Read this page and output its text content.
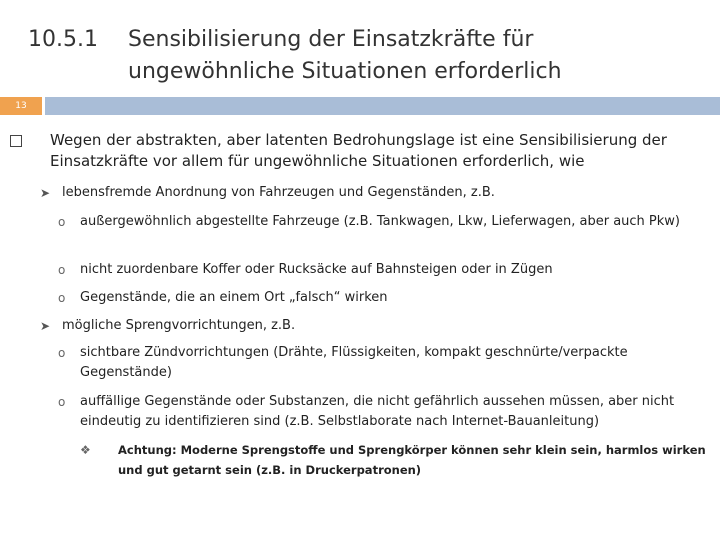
10.5.1	Sensibilisierung der Einsatzkräfte für
ungewöhnliche Situationen erforderlich
13
Wegen der abstrakten, aber latenten Bedrohungslage ist eine Sensibilisierung der Einsatzkräfte vor allem für ungewöhnliche Situationen erforderlich, wie
➤ lebensfremde Anordnung von Fahrzeugen und Gegenständen, z.B.
o	außergewöhnlich abgestellte Fahrzeuge (z.B. Tankwagen, Lkw, Lieferwagen, aber auch Pkw)
o	nicht zuordenbare Koffer oder Rucksäcke auf Bahnsteigen oder in Zügen
o	Gegenstände, die an einem Ort „falsch“ wirken
➤ mögliche Sprengvorrichtungen, z.B.
o	sichtbare Zündvorrichtungen (Drähte, Flüssigkeiten, kompakt geschnürte/verpackte Gegenstände)
o	auffällige Gegenstände oder Substanzen, die nicht gefährlich aussehen müssen, aber nicht eindeutig zu identifizieren sind (z.B. Selbstlaborate nach Internet-Bauanleitung)
❖	Achtung: Moderne Sprengstoffe und Sprengkörper können sehr klein sein, harmlos wirken und gut getarnt sein (z.B. in Druckerpatronen)
